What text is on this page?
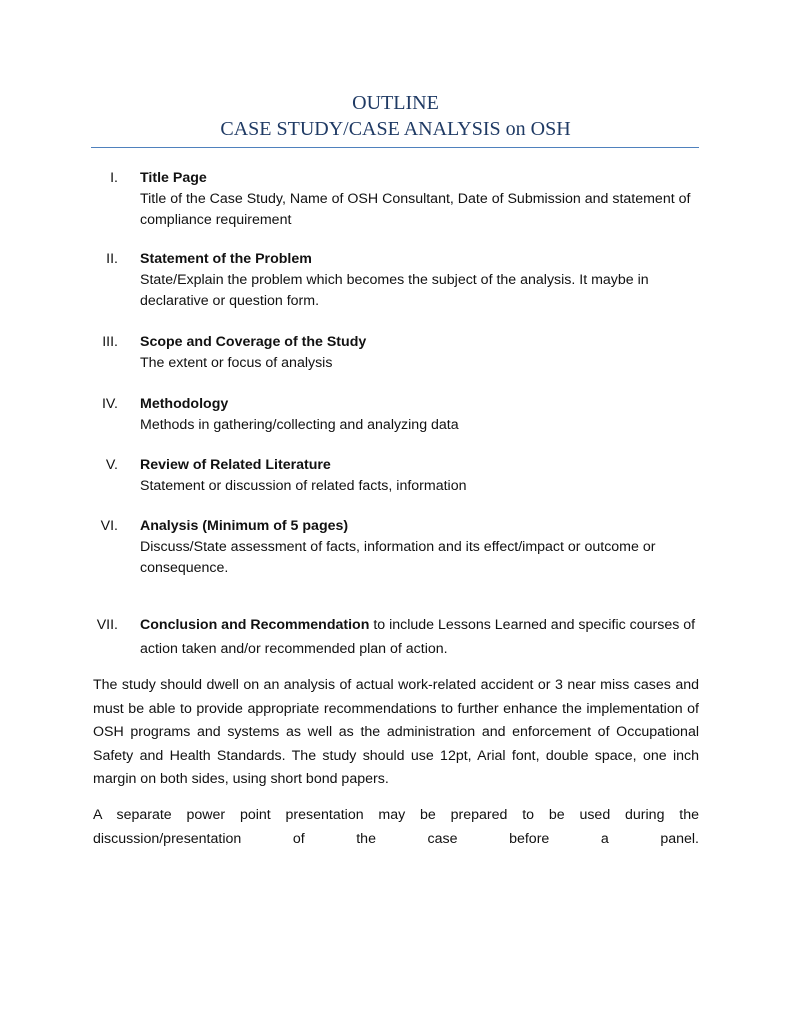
OUTLINE
CASE STUDY/CASE ANALYSIS on OSH
I. Title Page
Title of the Case Study, Name of OSH Consultant, Date of Submission and statement of compliance requirement
II. Statement of the Problem
State/Explain the problem which becomes the subject of the analysis. It maybe in declarative or question form.
III. Scope and Coverage of the Study
The extent or focus of analysis
IV. Methodology
Methods in gathering/collecting and analyzing data
V. Review of Related Literature
Statement or discussion of related facts, information
VI. Analysis (Minimum of 5 pages)
Discuss/State assessment of facts, information and its effect/impact or outcome or consequence.
VII. Conclusion and Recommendation to include Lessons Learned and specific courses of action taken and/or recommended plan of action.
The study should dwell on an analysis of actual work-related accident or 3 near miss cases and must be able to provide appropriate recommendations to further enhance the implementation of OSH programs and systems as well as the administration and enforcement of Occupational Safety and Health Standards. The study should use 12pt, Arial font, double space, one inch margin on both sides, using short bond papers.
A separate power point presentation may be prepared to be used during the discussion/presentation of the case before a panel.
